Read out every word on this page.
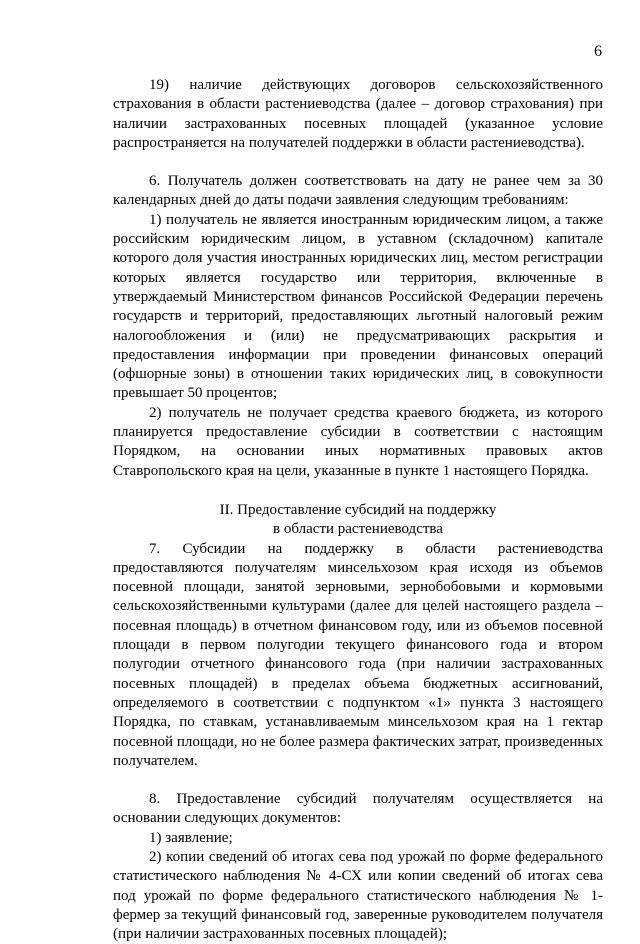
6

19) наличие действующих договоров сельскохозяйственного страхования в области растениеводства (далее – договор страхования) при наличии застрахованных посевных площадей (указанное условие распространяется на получателей поддержки в области растениеводства).

6. Получатель должен соответствовать на дату не ранее чем за 30 календарных дней до даты подачи заявления следующим требованиям:

1) получатель не является иностранным юридическим лицом, а также российским юридическим лицом, в уставном (складочном) капитале которого доля участия иностранных юридических лиц, местом регистрации которых является государство или территория, включенные в утверждаемый Министерством финансов Российской Федерации перечень государств и территорий, предоставляющих льготный налоговый режим налогообложения и (или) не предусматривающих раскрытия и предоставления информации при проведении финансовых операций (офшорные зоны) в отношении таких юридических лиц, в совокупности превышает 50 процентов;

2) получатель не получает средства краевого бюджета, из которого планируется предоставление субсидии в соответствии с настоящим Порядком, на основании иных нормативных правовых актов Ставропольского края на цели, указанные в пункте 1 настоящего Порядка.

II. Предоставление субсидий на поддержку
в области растениеводства

7. Субсидии на поддержку в области растениеводства предоставляются получателям минсельхозом края исходя из объемов посевной площади, занятой зерновыми, зернобобовыми и кормовыми сельскохозяйственными культурами (далее для целей настоящего раздела – посевная площадь) в отчетном финансовом году, или из объемов посевной площади в первом полугодии текущего финансового года и втором полугодии отчетного финансового года (при наличии застрахованных посевных площадей) в пределах объема бюджетных ассигнований, определяемого в соответствии с подпунктом «1» пункта 3 настоящего Порядка, по ставкам, устанавливаемым минсельхозом края на 1 гектар посевной площади, но не более размера фактических затрат, произведенных получателем.

8. Предоставление субсидий получателям осуществляется на основании следующих документов:

1) заявление;

2) копии сведений об итогах сева под урожай по форме федерального статистического наблюдения № 4-СХ или копии сведений об итогах сева под урожай по форме федерального статистического наблюдения № 1-фермер за текущий финансовый год, заверенные руководителем получателя (при наличии застрахованных посевных площадей);
